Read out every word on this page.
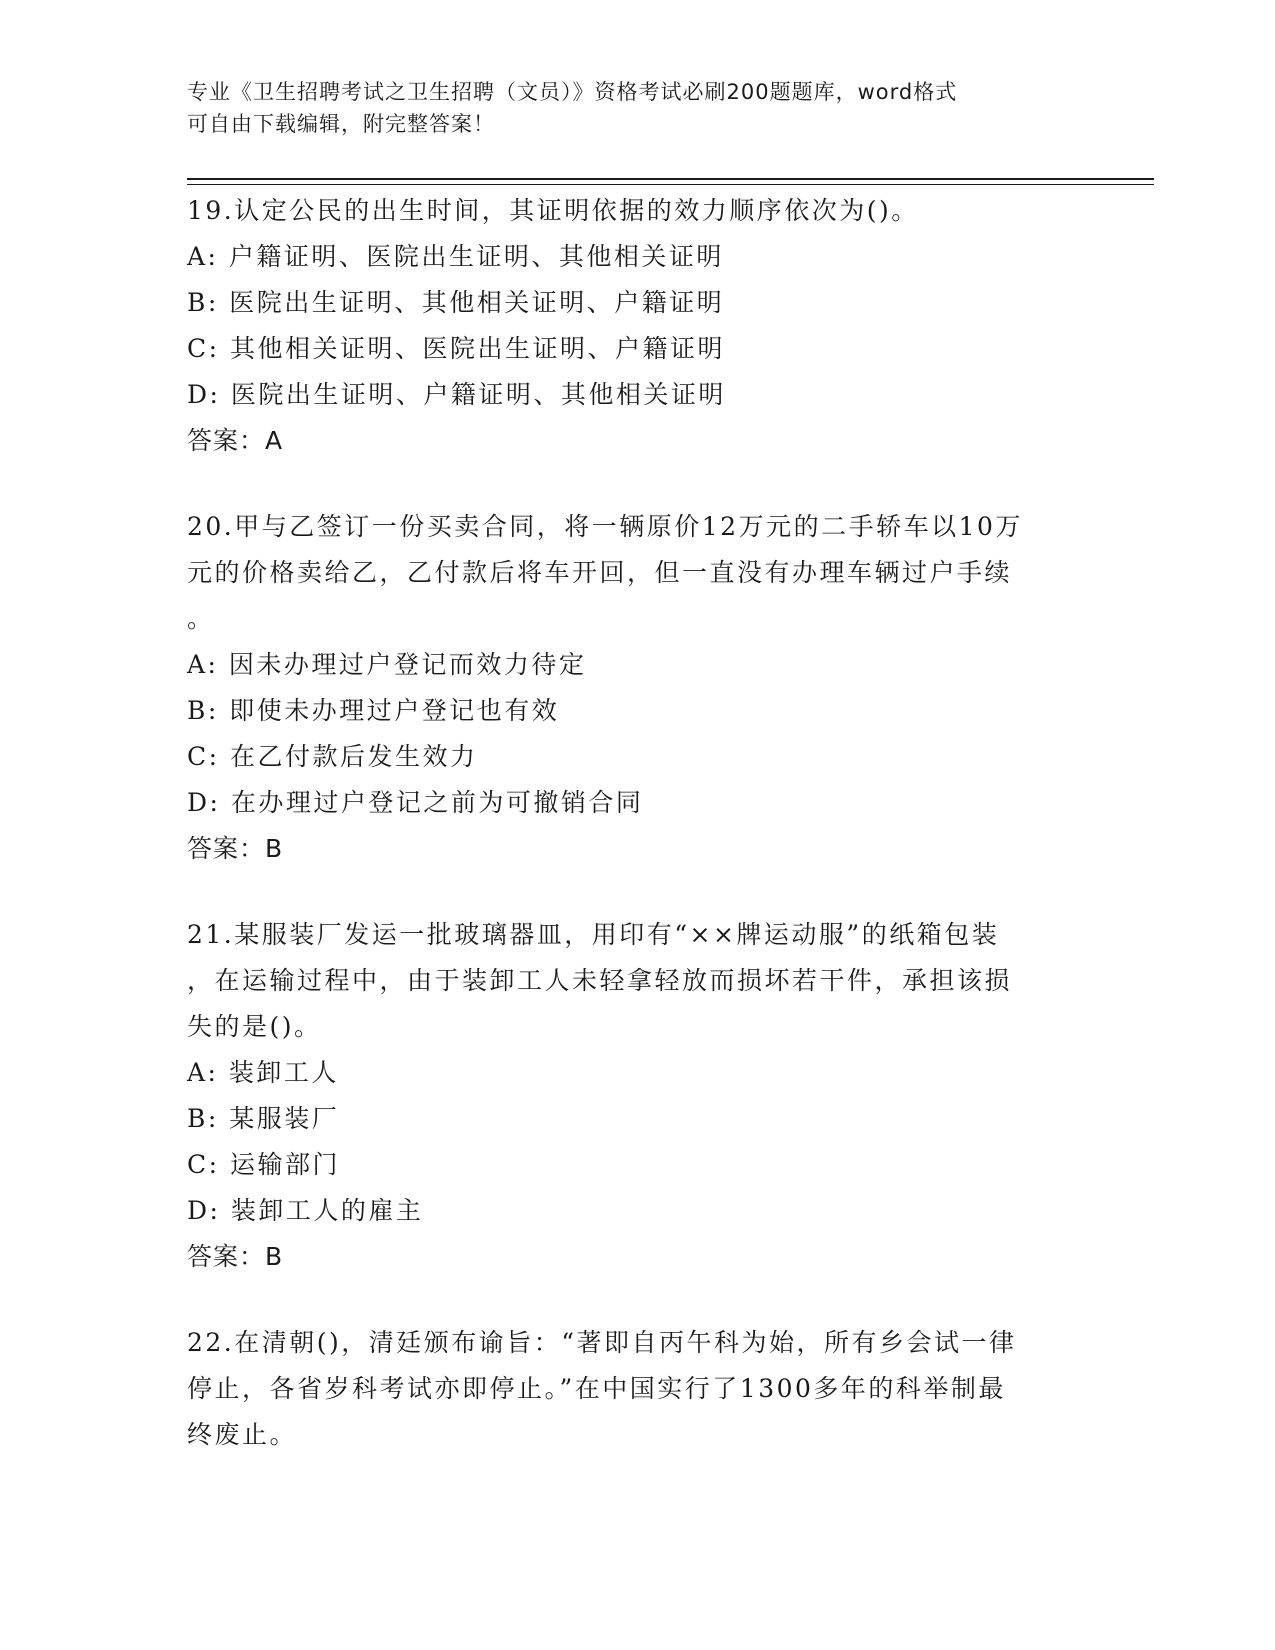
专业《卫生招聘考试之卫生招聘（文员）》资格考试必刷200题题库，word格式
可自由下载编辑，附完整答案！

19.认定公民的出生时间，其证明依据的效力顺序依次为()。

A: 户籍证明、医院出生证明、其他相关证明

B: 医院出生证明、其他相关证明、户籍证明

C: 其他相关证明、医院出生证明、户籍证明

D: 医院出生证明、户籍证明、其他相关证明

答案：A

20.甲与乙签订一份买卖合同，将一辆原价12万元的二手轿车以10万

元的价格卖给乙，乙付款后将车开回，但一直没有办理车辆过户手续

。

A: 因未办理过户登记而效力待定

B: 即使未办理过户登记也有效

C: 在乙付款后发生效力

D: 在办理过户登记之前为可撤销合同

答案：B

21.某服装厂发运一批玻璃器皿，用印有“××牌运动服”的纸箱包装

，在运输过程中，由于装卸工人未轻拿轻放而损坏若干件，承担该损

失的是()。

A: 装卸工人

B: 某服装厂

C: 运输部门

D: 装卸工人的雇主

答案：B

22.在清朝()，清廷颁布谕旨：“著即自丙午科为始，所有乡会试一律

停止，各省岁科考试亦即停止。”在中国实行了1300多年的科举制最

终废止。
